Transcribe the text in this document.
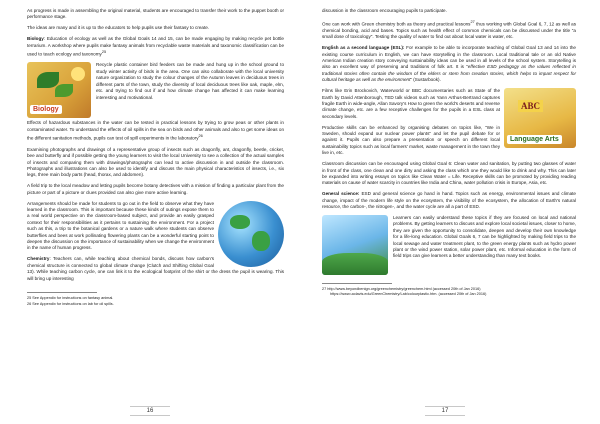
As progress is made in assembling the original material, students are encouraged to transfer their work to the puppet booth or performance stage.

The ideas are many and it is up to the educators to help pupils use their fantasy to create.

Biology: Education of ecology as well as the Global Goals 14 and 15, can be made engaging by making recycle pet bottle terrarium. A workshop where pupils make fantasy animals from recyclable waste materials and taxonomic classification can be used to teach ecology and taxonomy$^{25}$

Biology

Recycle plastic container bird feeders can be made and hung up in the school ground to study winter activity of birds in the area. One can also collaborate with the local university nature organization to study the colour changes of the Autumn leaves in deciduous trees in different parts of the town, study the diversity of local deciduous trees like oak, maple, elm, etc. and trying to find out if and how climate change has affected it can make learning interesting and motivational.

Effects of hazardous substances in the water can be tested in practical lessons by trying to grow peas or other plants in contaminated water. To understand the effects of oil spills in the sea on birds and other animals and also to get some ideas on the different sanitation methods, pupils can test oil spill experiments in the laboratory$^{26}$

Examining photographs and drawings of a representative group of insects such as dragonfly, ant, dragonfly, beetle, cricket, bee and butterfly and if possible getting the young learners to visit the local University to see a collection of the actual samples of insects and comparing them with drawings/photographs can lead to active discussion in and outside the classroom. Photographs and illustrations can also be used to identify and discuss the main physical characteristics of insects, i.e., six legs, three main body parts (head, thorax, and abdomen).

A field trip to the local meadow and letting pupils become botany detectives with a mission of finding a particular plant from the picture or part of a picture or clues provided can also give more active learning.

Arrangements should be made for students to go out in the field to observe what they have learned in the classroom. This is important because these kinds of outings expose them to a real world perspective on the classroom-based subject, and provide an easily grasped context for their responsibilities as it pertains to sustaining the environment. For a project such as this, a trip to the botanical gardens or a nature walk where students can observe butterflies and bees at work pollinating flowering plants can be a wonderful starting point to deepen the discussion on the importance of sustainability when we change the environment in the name of human progress.

Chemistry: Teachers can, while teaching about chemical bonds, discuss how carbon's chemical structure is connected to global climate change (Clutch and Shifting Global Goal 13). While teaching carbon cycle, one can link it to the ecological footprint of the shirt or the dress the pupil is wearing. This will bring up interesting

25 See Appendix for instructions on fantasy animal.

26 See Appendix for instructions on lab for oil spills.

16

discussion in the classroom encouraging pupils to participate.

One can work with Green chemistry both as theory and practical lessons$^{27}$ thus working with Global Goal 6, 7, 12 as well as chemical bonding, acid and bases. Topics such as health effect of common chemicals can be discussed under the title "a small dose of toxicology". Testing the quality of water to find out about local water is water, etc.

English as a second language (ESL): For example to be able to incorporate teaching of Global Goal 13 and 14 into the existing course curriculum in English, we can have storytelling in the classroom. Local traditional tale or an old Native American Indian creation story conveying sustainability ideas can be used in all levels of the school system. Storytelling is also an excellent way of preserving and traditions of folk art. It is "effective ESD pedagogy as the values reflected in traditional stories often contain the wisdom of the elders or stem from creation stories, which helps to impart respect for cultural heritage as well as the environment" (Sustarbook).

ABC
Language Arts

Films like Erin Brockovich, Waterworld or BBC documentaries such as State of the Earth by David Attenborough, TED talk videos such as Yann Arthus-Bertrand captures fragile Earth in wide-angle, Allan Savory's How to green the world's deserts and reverse climate change, etc. are a few receptive challenges for the pupils in a ESL class at secondary levels.

Productive skills can be enhanced by organising debates on topics like, "We in Sweden, should expand our nuclear power plants" and let the pupil debate for or against it. Pupils can also prepare a presentation or speech on different local sustainability topics such as local farmers' market, waste management in the town they live in, etc.

Classroom discussion can be encouraged using Global Goal 6: Clean water and sanitation, by putting two glasses of water in front of the class, one clean and one dirty and asking the class which one they would like to drink and why. This can later be expanded into writing essays on topics like Clean Water = Life. Receptive skills can be promoted by providing reading materials on cause of water scarcity in countries like India and China, water pollution crisis in Europe, Asia, etc.

General science: ESD and general science go hand in hand. Topics such as energy, environmental issues and climate change, impact of the modern life style on the ecosystem, the visibility of the ecosystem, the allocation of Earth's natural resource, the carbon-, the nitrogen-, and the water cycle are all a part of ESD.

Learners can easily understand these topics if they are focused on local and national problems. By getting learners to discuss and explore local societal issues, closer to home, they are given the opportunity to consolidate, deepen and develop their own knowledge for a life-long education. Global Goals 6, 7 can be highlighted by making field trips to the local sewage and water treatment plant, to the green energy plants such as hydro power plant or the wind power station, solar power plant, etc. Informal education in the form of field trips can give learners a better understanding than many text books.

27 http://www.beyondbenign.org/greenchemistry/greenchem.html (accessed 20th of Jan 2016)

https://www.ucdavis.edu/GreenChemistry/Lab/colourplastic.htm. (accessed 20th of Jan 2016)

17
